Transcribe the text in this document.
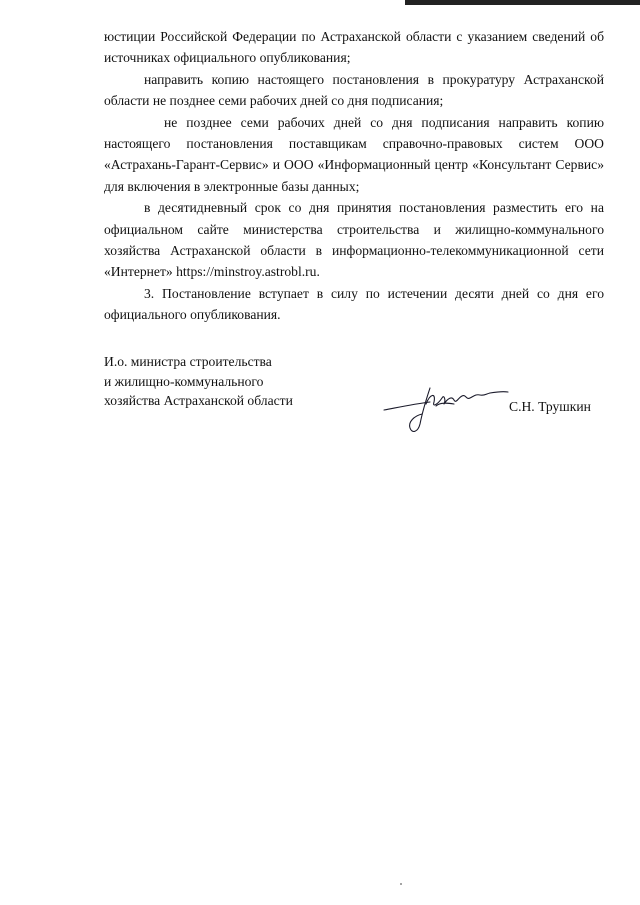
юстиции Российской Федерации по Астраханской области с указанием сведений об источниках официального опубликования;

направить копию настоящего постановления в прокуратуру Астраханской области не позднее семи рабочих дней со дня подписания;

не позднее семи рабочих дней со дня подписания направить копию настоящего постановления поставщикам справочно-правовых систем ООО «Астрахань-Гарант-Сервис» и ООО «Информационный центр «Консультант Сервис» для включения в электронные базы данных;

в десятидневный срок со дня принятия постановления разместить его на официальном сайте министерства строительства и жилищно-коммунального хозяйства Астраханской области в информационно-телекоммуникационной сети «Интернет» https://minstroy.astrobl.ru.

3. Постановление вступает в силу по истечении десяти дней со дня его официального опубликования.

И.о. министра строительства
и жилищно-коммунального
хозяйства Астраханской области	С.Н. Трушкин
